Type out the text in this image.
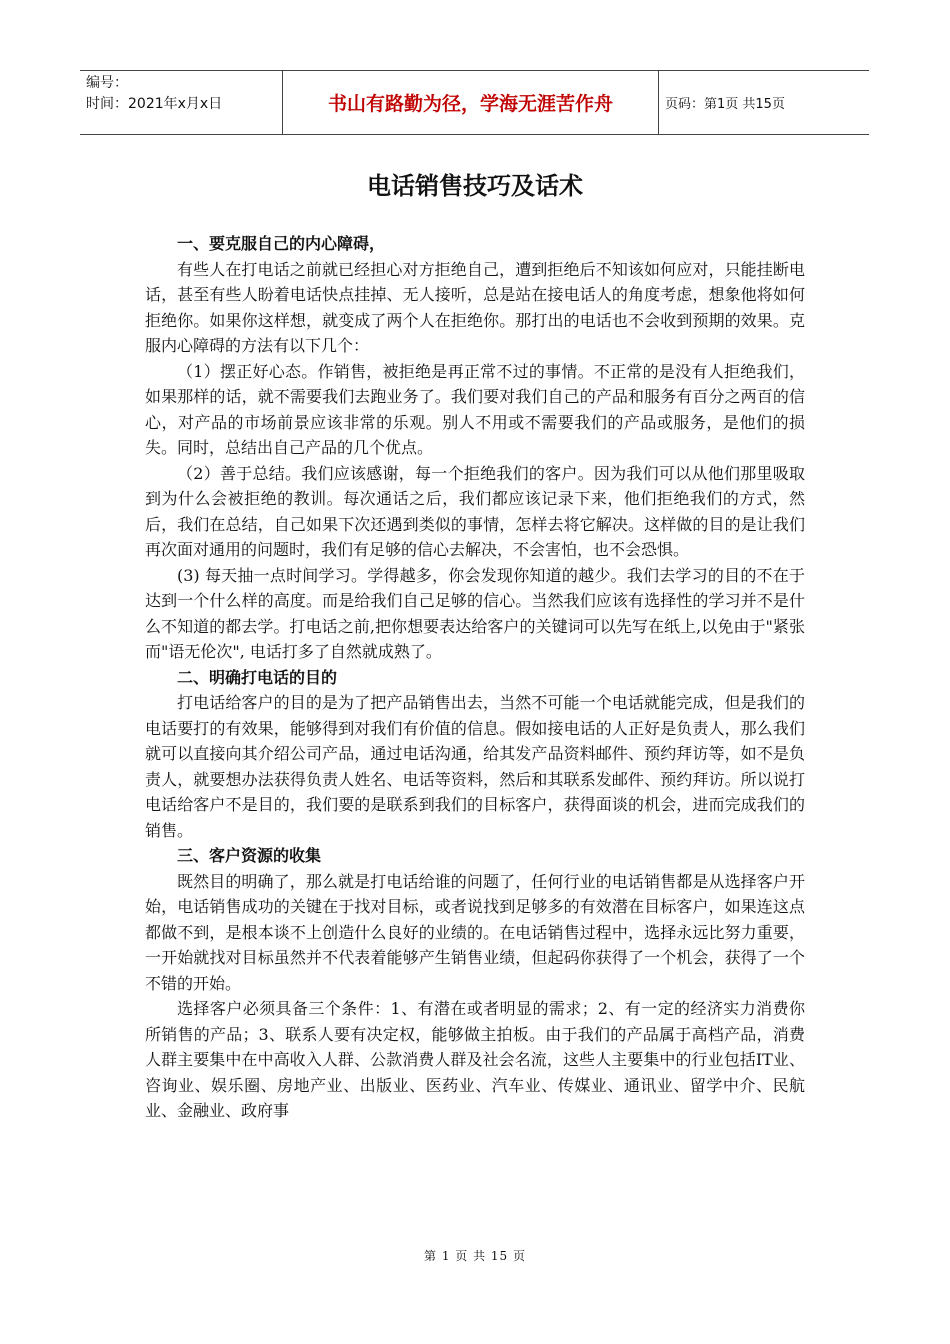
编号：
时间：2021年x月x日	书山有路勤为径，学海无涯苦作舟	页码：第1页 共15页
电话销售技巧及话术
一、要克服自己的内心障碍，

有些人在打电话之前就已经担心对方拒绝自己，遭到拒绝后不知该如何应对，只能挂断电话，甚至有些人盼着电话快点挂掉、无人接听，总是站在接电话人的角度考虑，想象他将如何拒绝你。如果你这样想，就变成了两个人在拒绝你。那打出的电话也不会收到预期的效果。克服内心障碍的方法有以下几个：

（1）摆正好心态。作销售，被拒绝是再正常不过的事情。不正常的是没有人拒绝我们，如果那样的话，就不需要我们去跑业务了。我们要对我们自己的产品和服务有百分之两百的信心，对产品的市场前景应该非常的乐观。别人不用或不需要我们的产品或服务，是他们的损失。同时，总结出自己产品的几个优点。

（2）善于总结。我们应该感谢，每一个拒绝我们的客户。因为我们可以从他们那里吸取到为什么会被拒绝的教训。每次通话之后，我们都应该记录下来，他们拒绝我们的方式，然后，我们在总结，自己如果下次还遇到类似的事情，怎样去将它解决。这样做的目的是让我们再次面对通用的问题时，我们有足够的信心去解决，不会害怕，也不会恐惧。

(3) 每天抽一点时间学习。学得越多，你会发现你知道的越少。我们去学习的目的不在于达到一个什么样的高度。而是给我们自己足够的信心。当然我们应该有选择性的学习并不是什么不知道的都去学。打电话之前,把你想要表达给客户的关键词可以先写在纸上,以免由于"紧张而"语无伦次", 电话打多了自然就成熟了。

二、明确打电话的目的

打电话给客户的目的是为了把产品销售出去，当然不可能一个电话就能完成，但是我们的电话要打的有效果，能够得到对我们有价值的信息。假如接电话的人正好是负责人，那么我们就可以直接向其介绍公司产品，通过电话沟通，给其发产品资料邮件、预约拜访等，如不是负责人，就要想办法获得负责人姓名、电话等资料，然后和其联系发邮件、预约拜访。所以说打电话给客户不是目的，我们要的是联系到我们的目标客户，获得面谈的机会，进而完成我们的销售。

三、客户资源的收集

既然目的明确了，那么就是打电话给谁的问题了，任何行业的电话销售都是从选择客户开始，电话销售成功的关键在于找对目标，或者说找到足够多的有效潜在目标客户，如果连这点都做不到，是根本谈不上创造什么良好的业绩的。在电话销售过程中，选择永远比努力重要，一开始就找对目标虽然并不代表着能够产生销售业绩，但起码你获得了一个机会，获得了一个不错的开始。

选择客户必须具备三个条件：1、有潜在或者明显的需求；2、有一定的经济实力消费你所销售的产品；3、联系人要有决定权，能够做主拍板。由于我们的产品属于高档产品，消费人群主要集中在中高收入人群、公款消费人群及社会名流，这些人主要集中的行业包括IT业、咨询业、娱乐圈、房地产业、出版业、医药业、汽车业、传媒业、通讯业、留学中介、民航业、金融业、政府事

第 1 页 共 15 页
